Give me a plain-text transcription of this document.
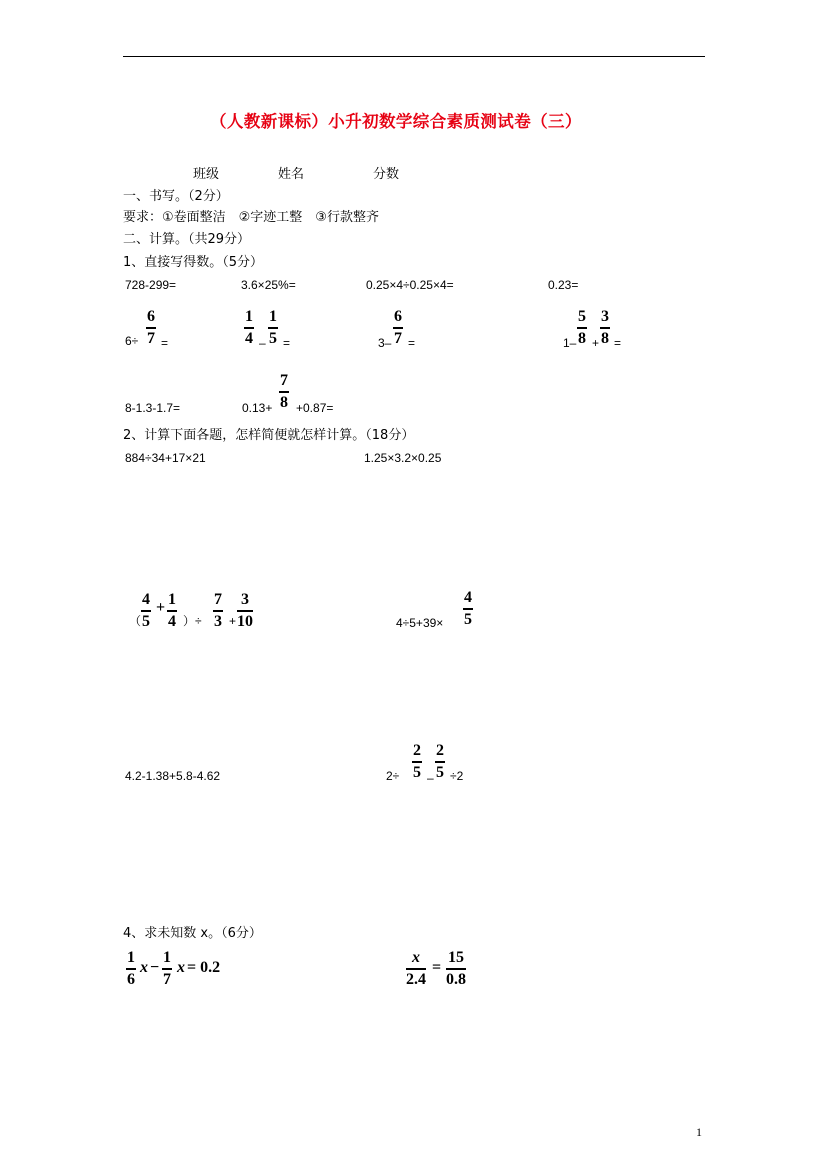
（人教新课标）小升初数学综合素质测试卷（三）
班级	姓名	分数
一、书写。（2分）
要求：①卷面整洁　②字迹工整　③行款整齐
二、计算。（共29分）
1、直接写得数。（5分）
728-299=	3.6×25%=	0.25×4÷0.25×4=	0.23=
6÷
6
7 =
1
4 –
1
5 =	3–
6
7 =	1–
5
8 +
3
8 =
8-1.3-1.7=	0.13+
7
8 +0.87=
2、计算下面各题，怎样简便就怎样计算。（18分）
884÷34+17×21	1.25×3.2×0.25
（
4
5
+ 1
4 ）÷
7
3 +
3
10	4÷5+39×
4
5
4.2-1.38+5.8-4.62	2÷
2
5 –
2
5 ÷2
4、求未知数 x。（6分）
1
6
x −
1
7
x = 0.2
x
2.4
=
15
0.8
1
